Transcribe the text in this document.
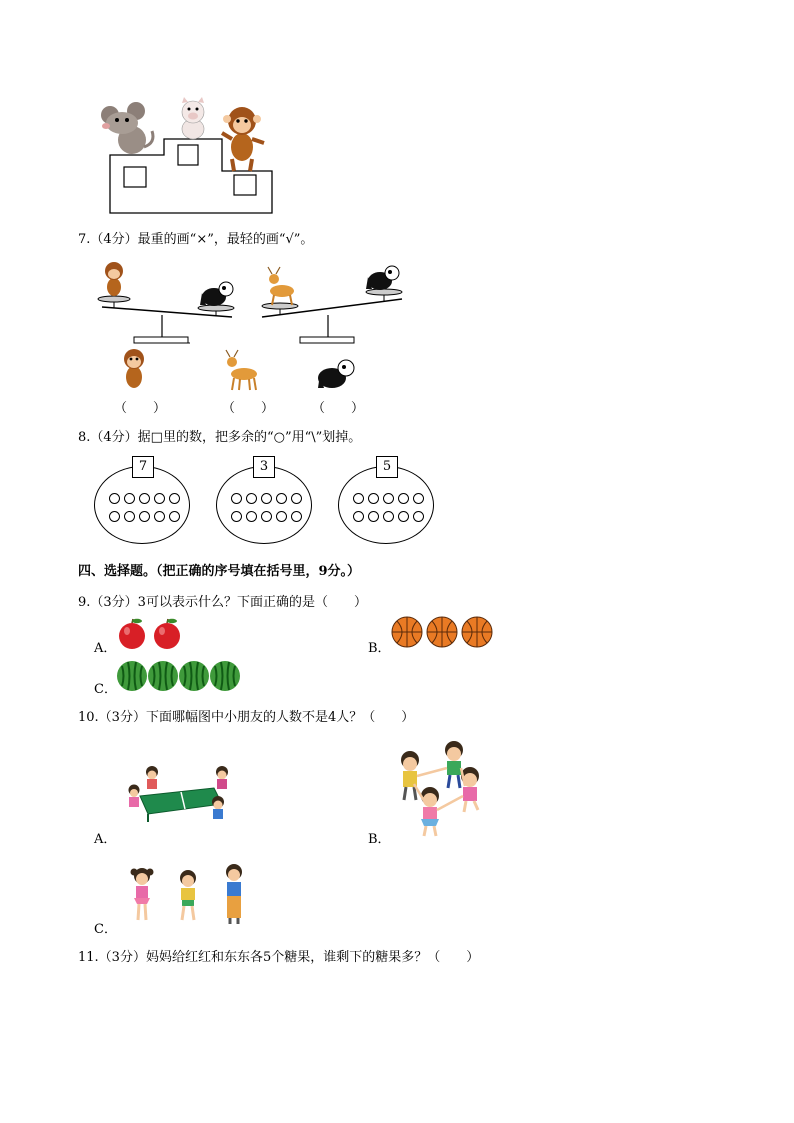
7.（4分）最重的画“×”，最轻的画“√”。
（　　）	（　　）	（　　）
8.（4分）据□里的数，把多余的“○”用“\”划掉。
7	3	5
四、选择题。（把正确的序号填在括号里，9分。）
9.（3分）3可以表示什么？下面正确的是（　　）
A．	B．
C．
10.（3分）下面哪幅图中小朋友的人数不是4人？（　　）
A．	B．
C．
11.（3分）妈妈给红红和东东各5个糖果，谁剩下的糖果多？（　　）
